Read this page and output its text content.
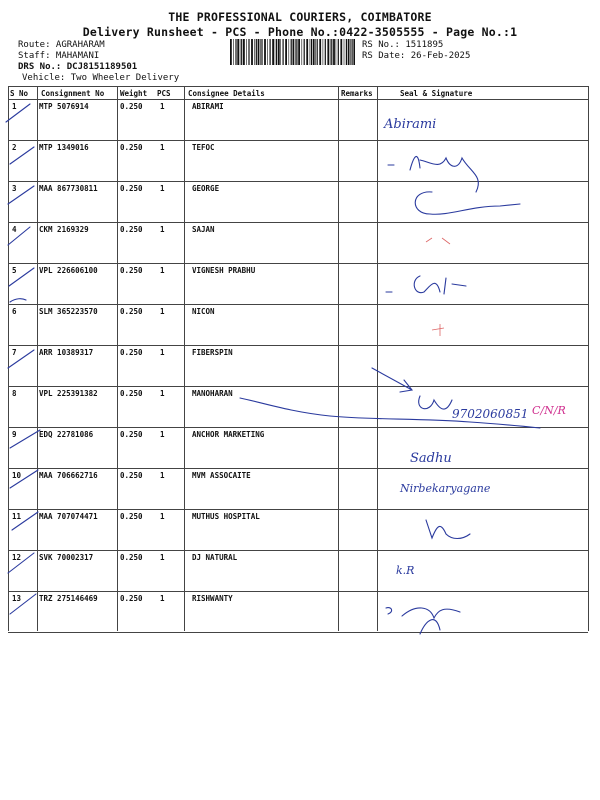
THE PROFESSIONAL COURIERS, COIMBATORE
Delivery Runsheet - PCS - Phone No.:0422-3505555 - Page No.:1
Route: AGRAHARAM
Staff: MAHAMANI
DRS No.: DCJ8151189501
Vehicle: Two Wheeler Delivery
RS No.: 1511895
RS Date: 26-Feb-2025
S No Consignment No Weight PCS Consignee Details	Remarks	Seal & Signature
1	MTP 5076914	0.250 1	ABIRAMI
2	MTP 1349016	0.250 1	TEFOC
3	MAA 867730811	0.250 1	GEORGE
4	CKM 2169329	0.250 1	SAJAN
5	VPL 226606100	0.250 1	VIGNESH PRABHU
6	SLM 365223570	0.250 1	NICON
7	ARR 10389317	0.250 1	FIBERSPIN
8	VPL 225391382	0.250 1	MANOHARAN
9	EDQ 22781086	0.250 1	ANCHOR MARKETING
10 MAA 706662716	0.250 1	MVM ASSOCAITE
11 MAA 707074471	0.250 1	MUTHUS HOSPITAL
12 SVK 70002317	0.250 1	DJ NATURAL
13 TRZ 275146469	0.250 1	RISHWANTY
Abirami
9702060851
Sadhu
Nirbekaryagane
k.R
C/N/R
